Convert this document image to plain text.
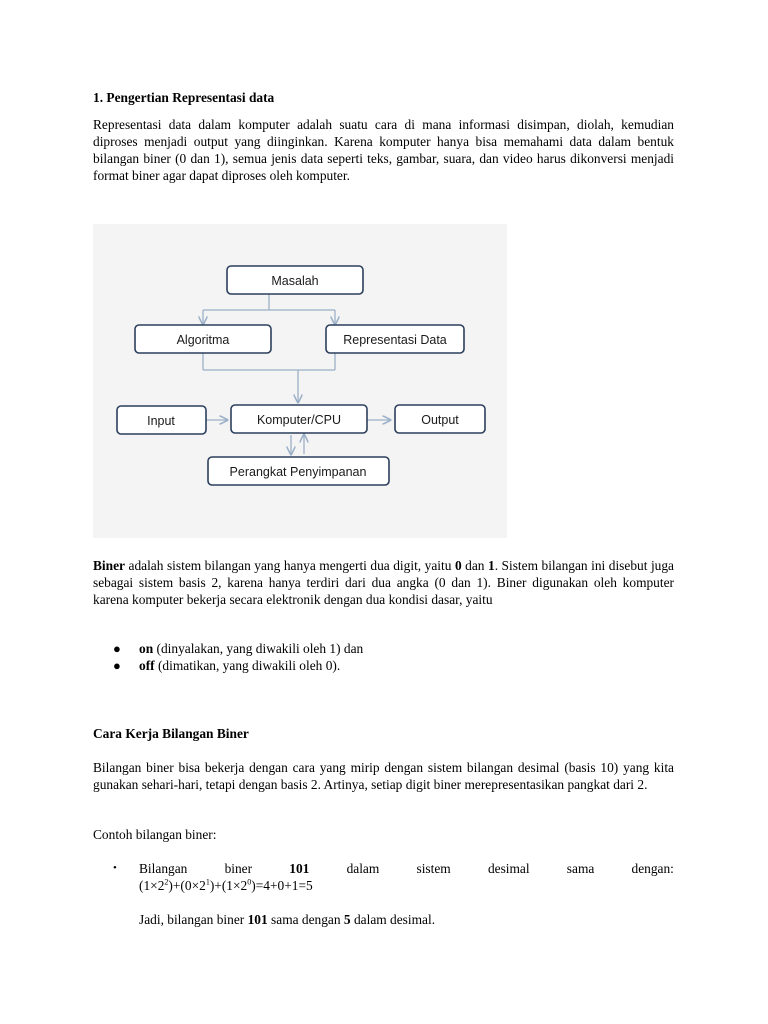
1. Pengertian Representasi data
Representasi data dalam komputer adalah suatu cara di mana informasi disimpan, diolah, kemudian diproses menjadi output yang diinginkan. Karena komputer hanya bisa memahami data dalam bentuk bilangan biner (0 dan 1), semua jenis data seperti teks, gambar, suara, dan video harus dikonversi menjadi format biner agar dapat diproses oleh komputer.
Masalah
Algoritma	Representasi Data
Input	Komputer/CPU	Output
Perangkat Penyimpanan
Biner adalah sistem bilangan yang hanya mengerti dua digit, yaitu 0 dan 1. Sistem bilangan ini disebut juga sebagai sistem basis 2, karena hanya terdiri dari dua angka (0 dan 1). Biner digunakan oleh komputer karena komputer bekerja secara elektronik dengan dua kondisi dasar, yaitu
● on (dinyalakan, yang diwakili oleh 1) dan
● off (dimatikan, yang diwakili oleh 0).
Cara Kerja Bilangan Biner
Bilangan biner bisa bekerja dengan cara yang mirip dengan sistem bilangan desimal (basis 10) yang kita gunakan sehari-hari, tetapi dengan basis 2. Artinya, setiap digit biner merepresentasikan pangkat dari 2.
Contoh bilangan biner:
• Bilangan	biner	101	dalam	sistem	desimal	sama	dengan:
$(1\times 2^2)+(0\times 2^1)+(1\times 2^0)=4+0+1=5$
Jadi, bilangan biner 101 sama dengan 5 dalam desimal.
